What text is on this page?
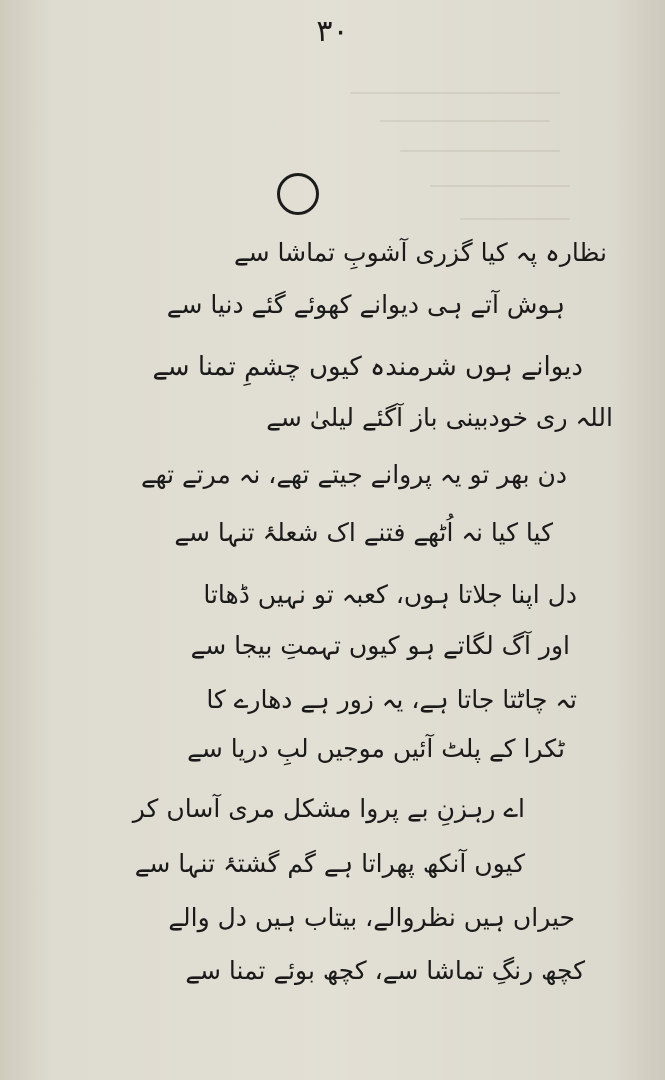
۳۰
نظارہ پہ کیا گزری آشوبِ تماشا سے
ہوش آتے ہی دیوانے کھوئے گئے دنیا سے
دیوانے ہوں شرمندہ کیوں چشمِ تمنا سے
اللہ ری خودبینی باز آگئے لیلیٰ سے
دن بھر تو یہ پروانے جیتے تھے، نہ مرتے تھے
کیا کیا نہ اُٹھے فتنے اک شعلۂ تنہا سے
دل اپنا جلاتا ہوں، کعبہ تو نہیں ڈھاتا
اور آگ لگاتے ہو کیوں تہمتِ بیجا سے
تہ چاٹتا جاتا ہے، یہ زور ہے دھارے کا
ٹکرا کے پلٹ آئیں موجیں لبِ دریا سے
اے رہزنِ بے پروا مشکل مری آساں کر
کیوں آنکھ پھراتا ہے گم گشتۂ تنہا سے
حیراں ہیں نظروالے، بیتاب ہیں دل والے
کچھ رنگِ تماشا سے، کچھ بوئے تمنا سے
